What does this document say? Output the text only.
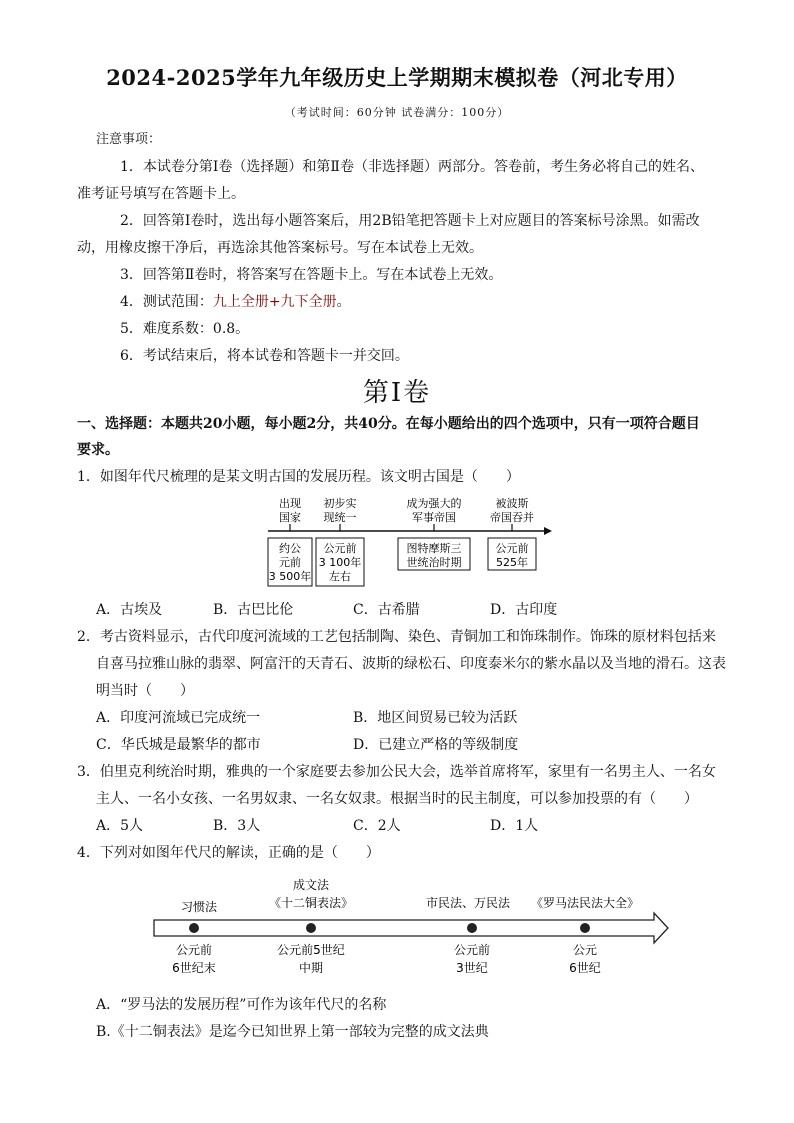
2024-2025学年九年级历史上学期期末模拟卷（河北专用）
（考试时间：60分钟 试卷满分：100分）
注意事项：
1．本试卷分第Ⅰ卷（选择题）和第Ⅱ卷（非选择题）两部分。答卷前，考生务必将自己的姓名、
准考证号填写在答题卡上。
2．回答第Ⅰ卷时，选出每小题答案后，用2B铅笔把答题卡上对应题目的答案标号涂黑。如需改
动，用橡皮擦干净后，再选涂其他答案标号。写在本试卷上无效。
3．回答第Ⅱ卷时，将答案写在答题卡上。写在本试卷上无效。
4．测试范围：九上全册+九下全册。
5．难度系数：0.8。
6．考试结束后，将本试卷和答题卡一并交回。
第Ⅰ卷
一、选择题：本题共20小题，每小题2分，共40分。在每小题给出的四个选项中，只有一项符合题目
要求。
1．如图年代尺梳理的是某文明古国的发展历程。该文明古国是（　　）
出现
国家
初步实
现统一
成为强大的
军事帝国
被波斯
帝国吞并
约公
元前
3 500年
公元前
3 100年
左右
图特摩斯三
世统治时期
公元前
525年
A．古埃及	B．古巴比伦	C．古希腊	D．古印度
2．考古资料显示，古代印度河流域的工艺包括制陶、染色、青铜加工和饰珠制作。饰珠的原材料包括来
自喜马拉雅山脉的翡翠、阿富汗的天青石、波斯的绿松石、印度泰米尔的紫水晶以及当地的滑石。这表
明当时（　　）
A．印度河流域已完成统一	B．地区间贸易已较为活跃
C．华氏城是最繁华的都市	D．已建立严格的等级制度
3．伯里克利统治时期，雅典的一个家庭要去参加公民大会，选举首席将军，家里有一名男主人、一名女
主人、一名小女孩、一名男奴隶、一名女奴隶。根据当时的民主制度，可以参加投票的有（　　）
A．5人	B．3人	C．2人	D．1人
4．下列对如图年代尺的解读，正确的是（　　）
成文法
习惯法	《十二铜表法》	市民法、万民法 《罗马法民法大全》
公元前
6世纪末
公元前5世纪
中期
公元前
3世纪
公元
6世纪
A．“罗马法的发展历程”可作为该年代尺的名称
B.《十二铜表法》是迄今已知世界上第一部较为完整的成文法典
